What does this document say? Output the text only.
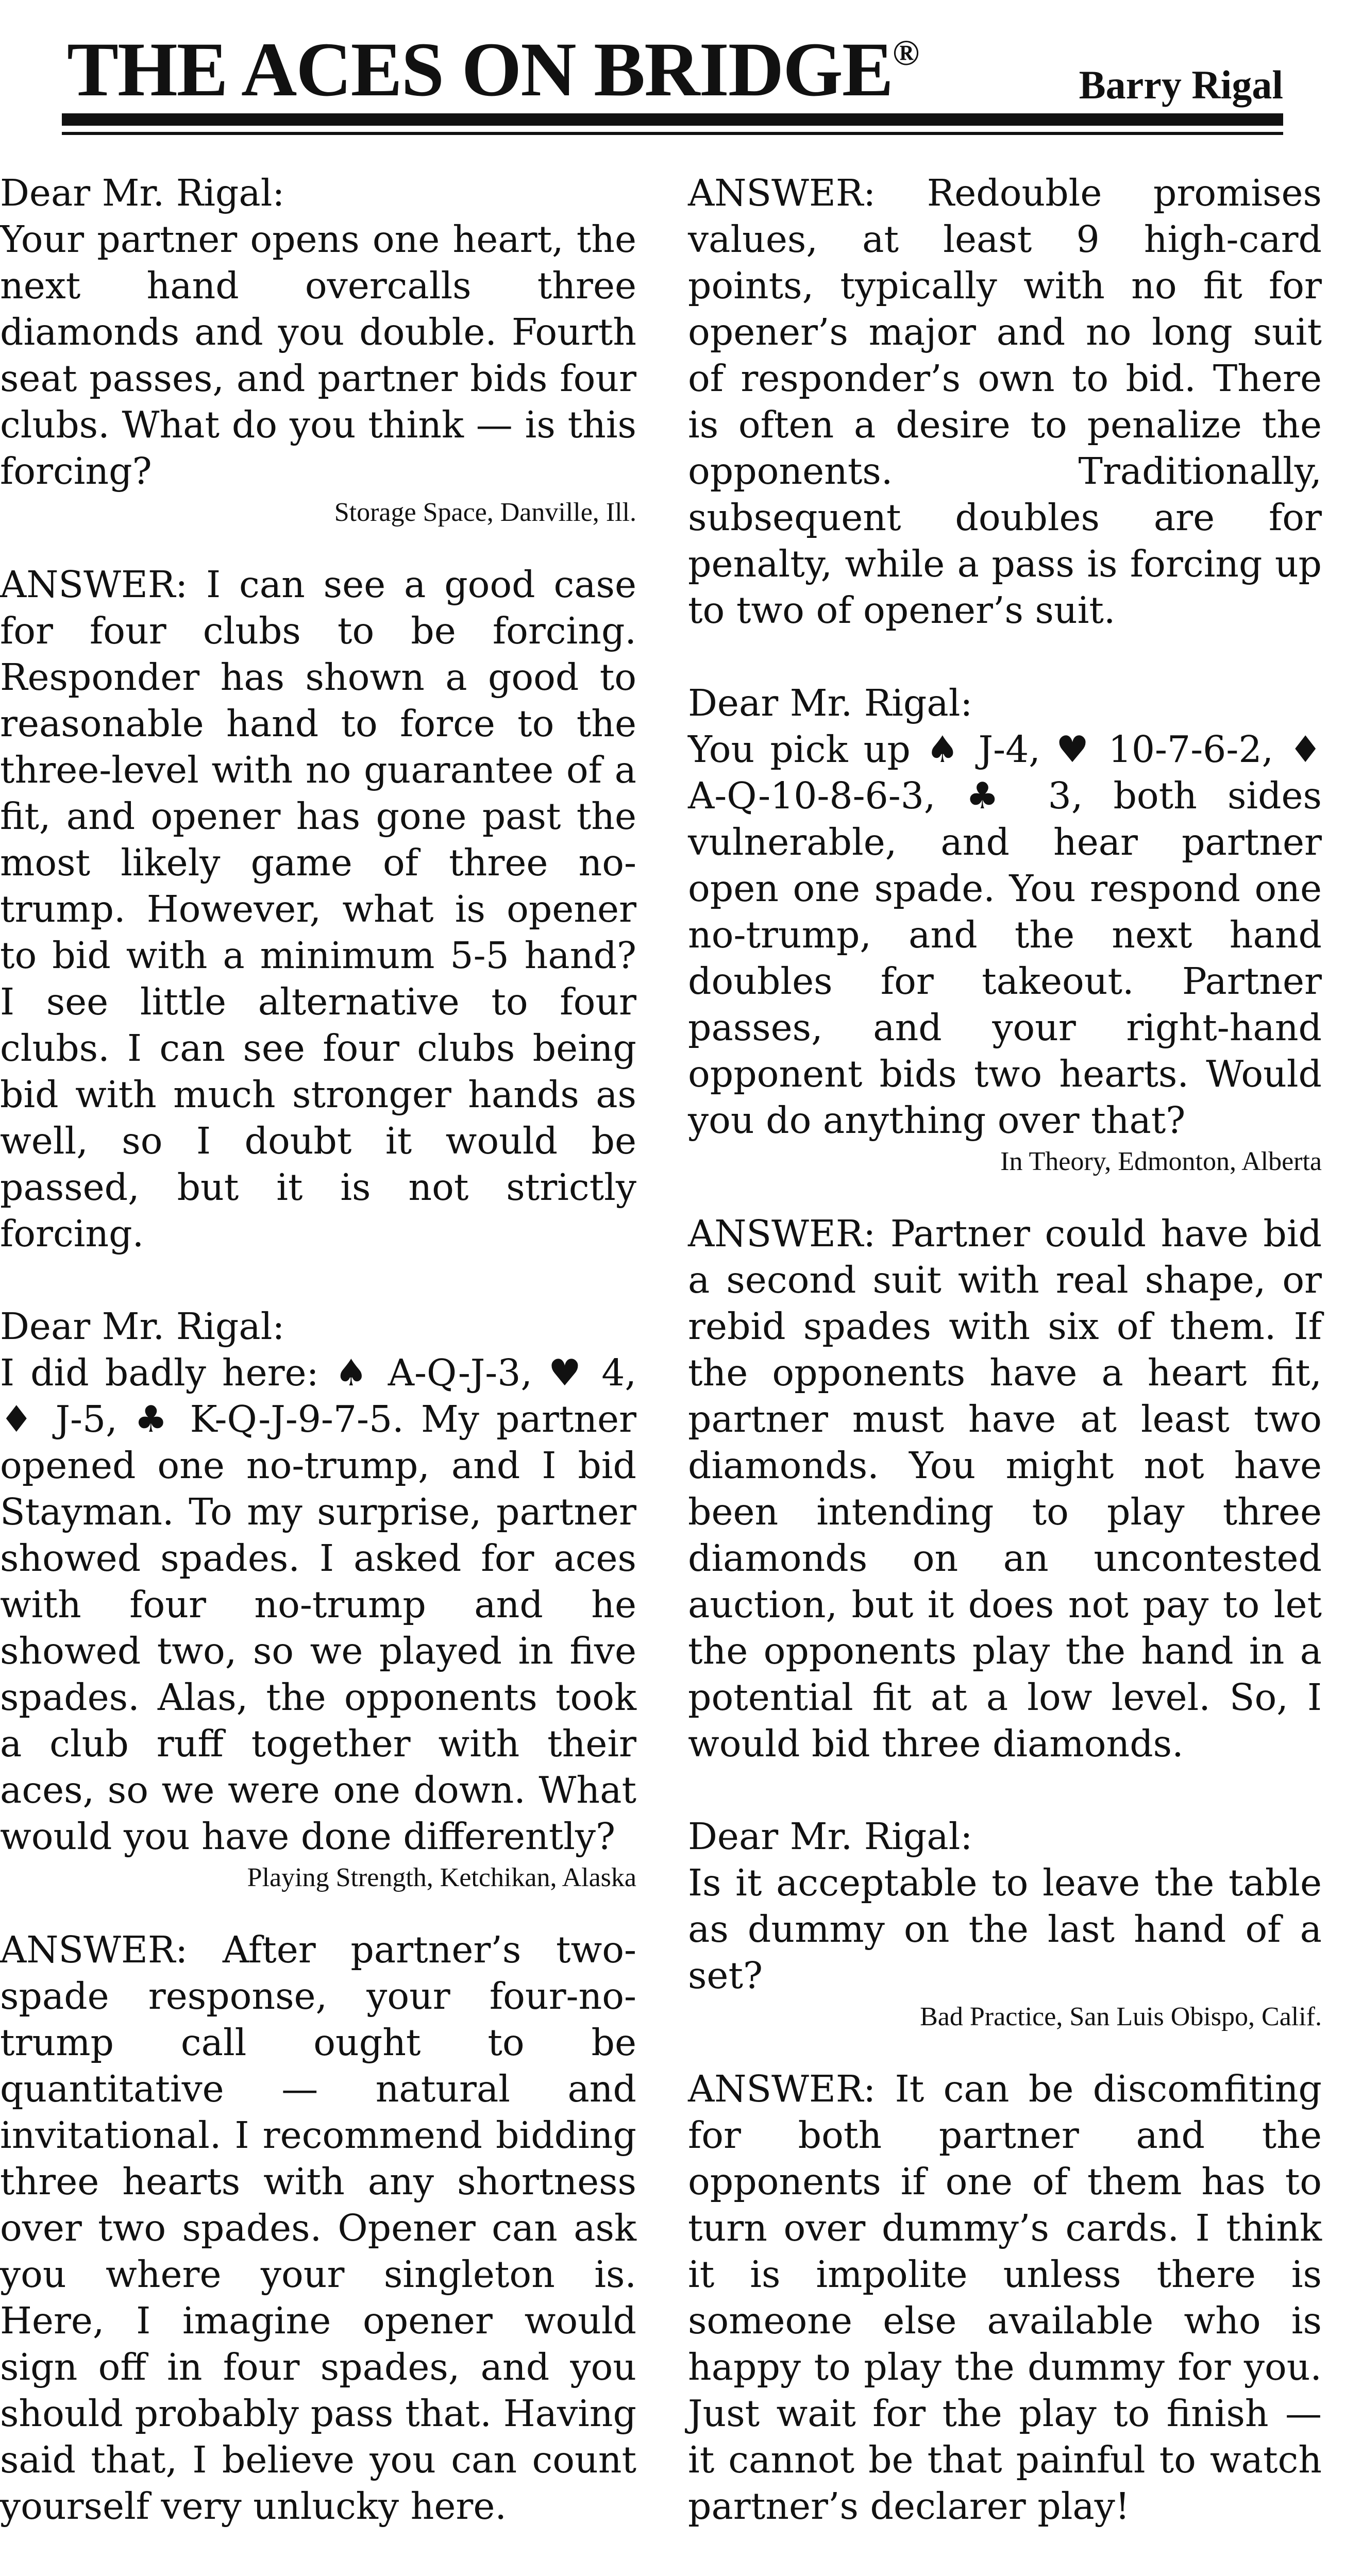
THE ACES ON BRIDGE®
Barry Rigal

Dear Mr. Rigal:

Your partner opens one heart, the next hand overcalls three diamonds and you double. Fourth seat passes, and partner bids four clubs. What do you think — is this forcing?

Storage Space, Danville, Ill.

ANSWER: I can see a good case for four clubs to be forcing. Responder has shown a good to reasonable hand to force to the three-level with no guarantee of a fit, and opener has gone past the most likely game of three no-trump. However, what is opener to bid with a minimum 5-5 hand? I see little alternative to four clubs. I can see four clubs being bid with much stronger hands as well, so I doubt it would be passed, but it is not strictly forcing.

Dear Mr. Rigal:

I did badly here: ♠ A-Q-J-3, ♥ 4, ♦ J-5, ♣ K-Q-J-9-7-5. My partner opened one no-trump, and I bid Stayman. To my surprise, partner showed spades. I asked for aces with four no-trump and he showed two, so we played in five spades. Alas, the opponents took a club ruff together with their aces, so we were one down. What would you have done differently?

Playing Strength, Ketchikan, Alaska

ANSWER: After partner’s two-spade response, your four-no-trump call ought to be quantitative — natural and invitational. I recommend bidding three hearts with any shortness over two spades. Opener can ask you where your singleton is. Here, I imagine opener would sign off in four spades, and you should probably pass that. Having said that, I believe you can count yourself very unlucky here.

ANSWER: Redouble promises values, at least 9 high-card points, typically with no fit for opener’s major and no long suit of responder’s own to bid. There is often a desire to penalize the opponents. Traditionally, subsequent doubles are for penalty, while a pass is forcing up to two of opener’s suit.

Dear Mr. Rigal:

You pick up ♠ J-4, ♥ 10-7-6-2, ♦ A-Q-10-8-6-3, ♣ 3, both sides vulnerable, and hear partner open one spade. You respond one no-trump, and the next hand doubles for takeout. Partner passes, and your right-hand opponent bids two hearts. Would you do anything over that?

In Theory, Edmonton, Alberta

ANSWER: Partner could have bid a second suit with real shape, or rebid spades with six of them. If the opponents have a heart fit, partner must have at least two diamonds. You might not have been intending to play three diamonds on an uncontested auction, but it does not pay to let the opponents play the hand in a potential fit at a low level. So, I would bid three diamonds.

Dear Mr. Rigal:

Is it acceptable to leave the table as dummy on the last hand of a set?

Bad Practice, San Luis Obispo, Calif.

ANSWER: It can be discomfiting for both partner and the opponents if one of them has to turn over dummy’s cards. I think it is impolite unless there is someone else available who is happy to play the dummy for you. Just wait for the play to finish — it cannot be that painful to watch partner’s declarer play!
